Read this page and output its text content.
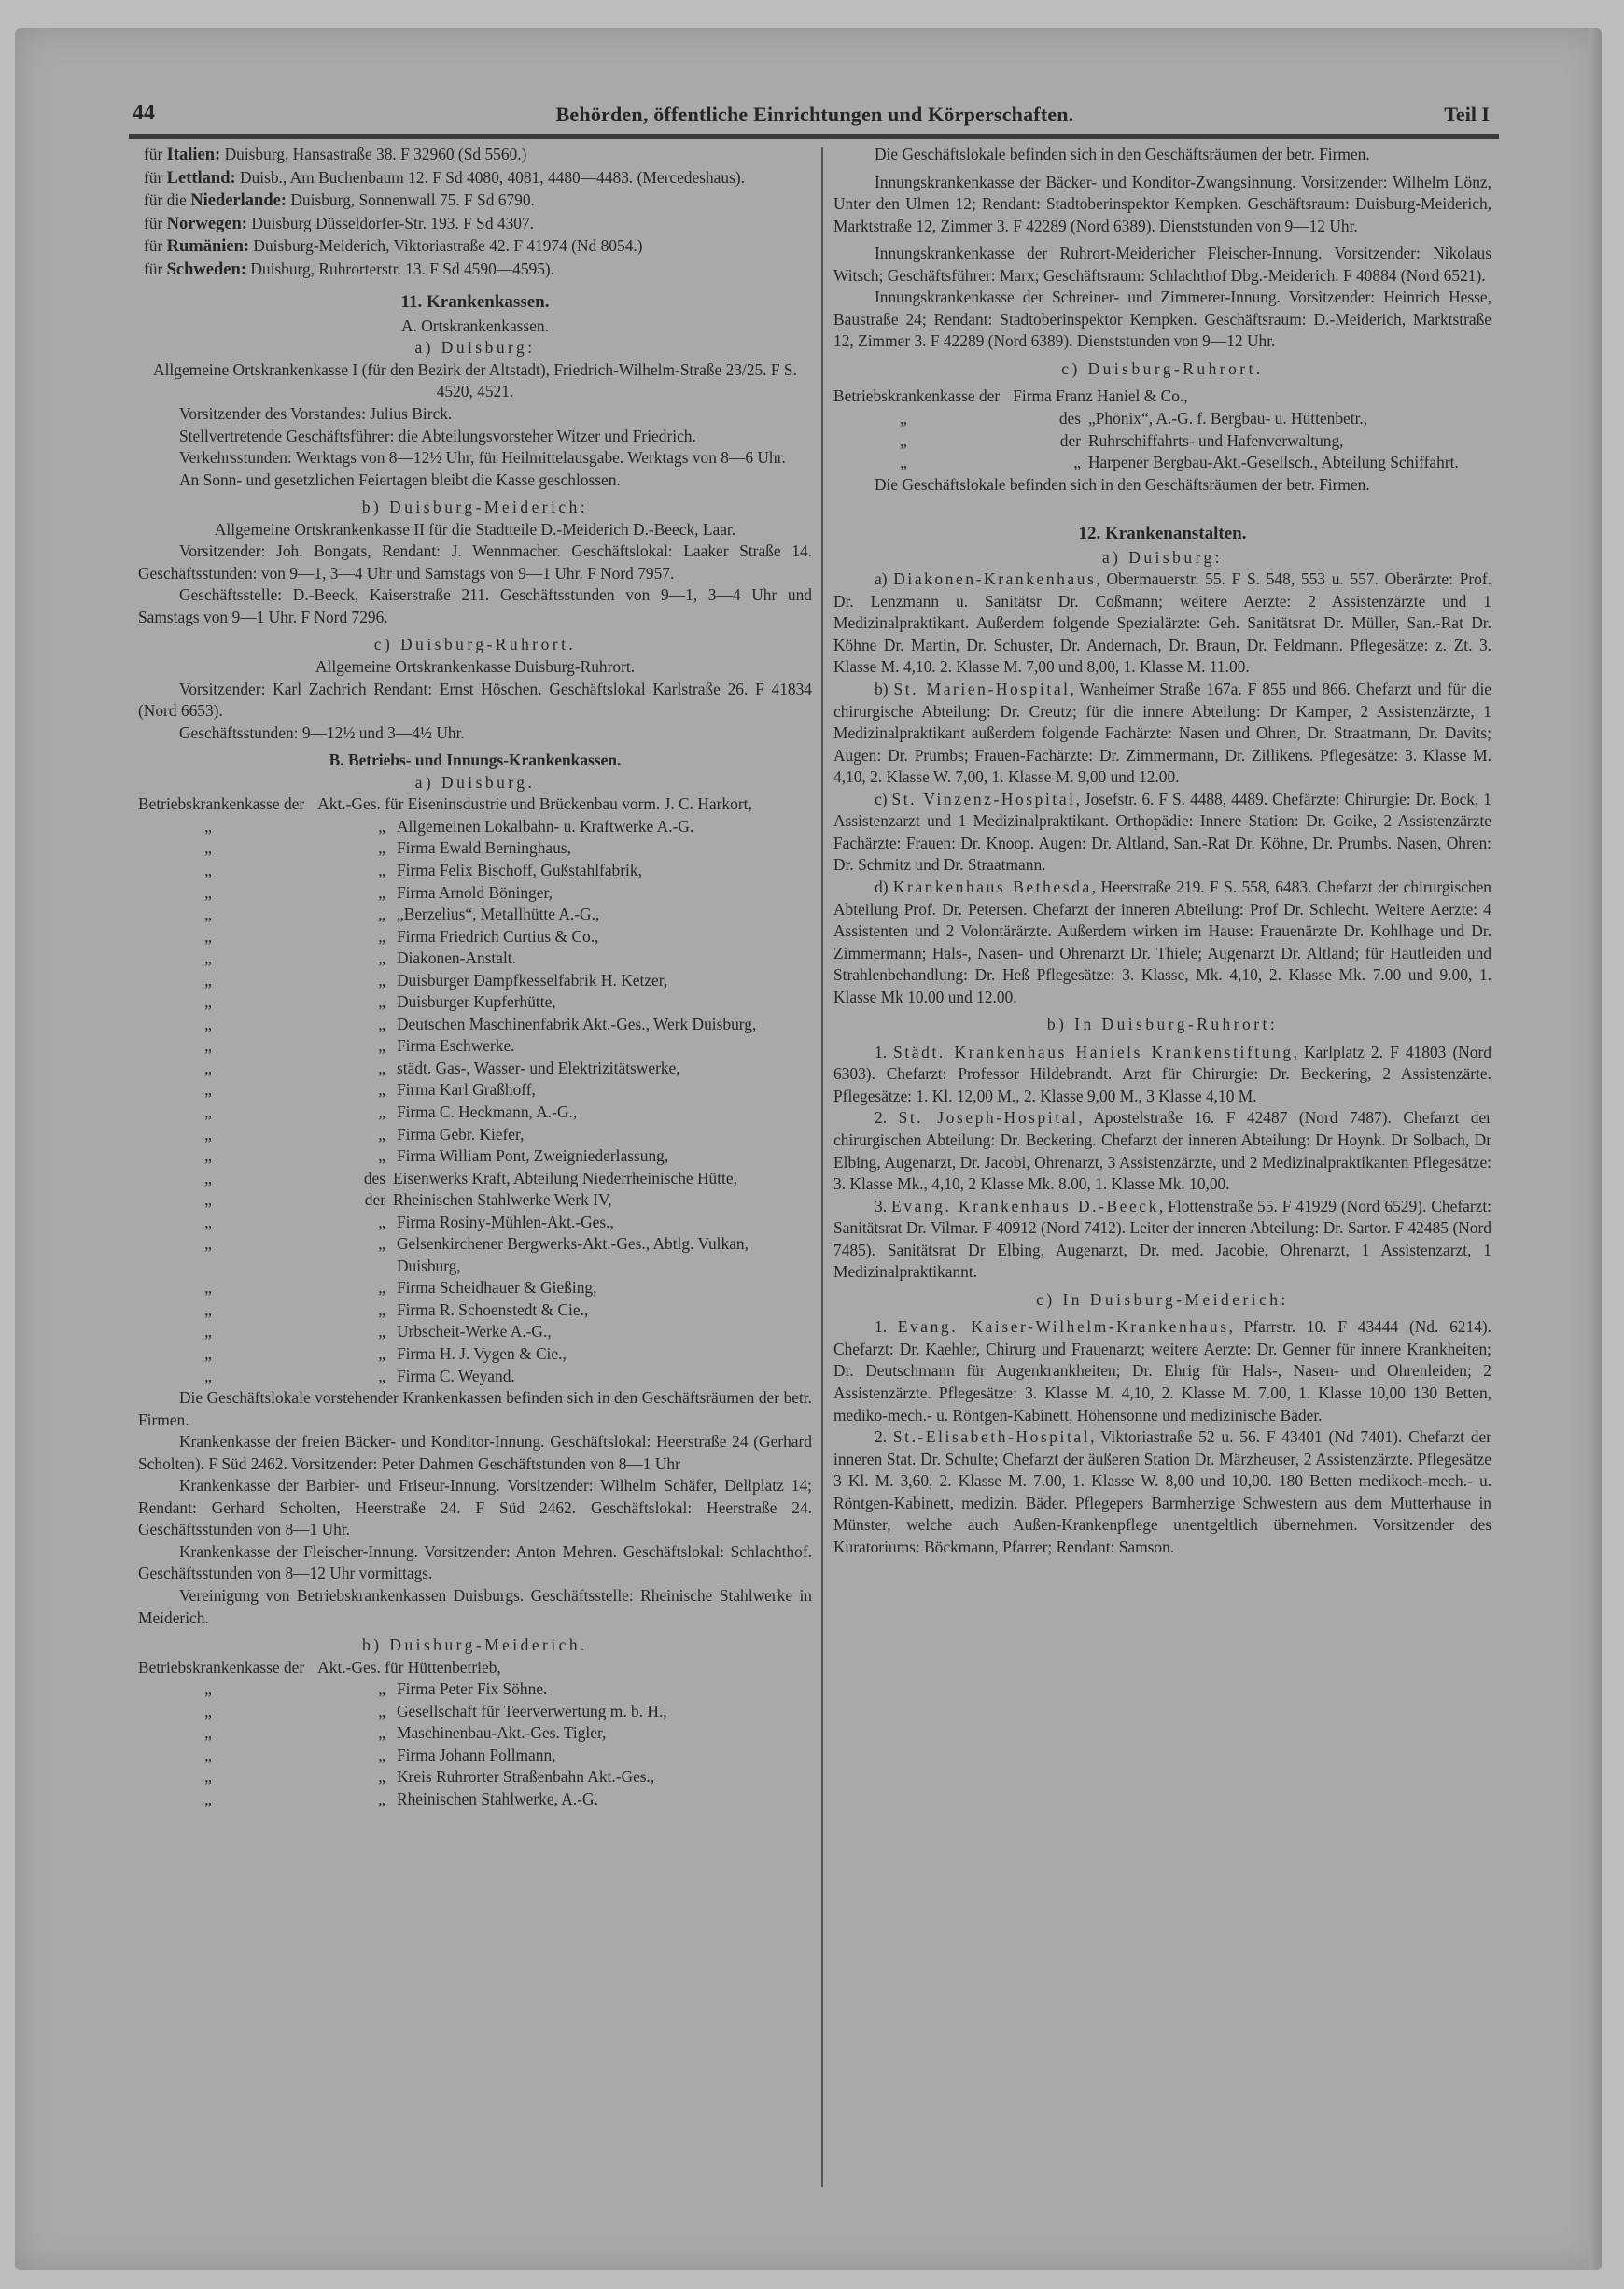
44	Behörden, öffentliche Einrichtungen und Körperschaften.	Teil I

für Italien: Duisburg, Hansastraße 38. F 32960 (Sd 5560.)

für Lettland: Duisb., Am Buchenbaum 12. F Sd 4080, 4081, 4480—4483. (Mercedeshaus).

für die Niederlande: Duisburg, Sonnenwall 75. F Sd 6790.

für Norwegen: Duisburg Düsseldorfer-Str. 193. F Sd 4307.

für Rumänien: Duisburg-Meiderich, Viktoriastraße 42. F 41974 (Nd 8054.)

für Schweden: Duisburg, Ruhrorterstr. 13. F Sd 4590—4595).

11. Krankenkassen.
A. Ortskrankenkassen.
a) Duisburg:

Allgemeine Ortskrankenkasse I (für den Bezirk der Altstadt), Friedrich-Wilhelm-Straße 23/25. F S. 4520, 4521.

Vorsitzender des Vorstandes: Julius Birck.

Stellvertretende Geschäftsführer: die Abteilungsvorsteher Witzer und Friedrich.

Verkehrsstunden: Werktags von 8—12½ Uhr, für Heilmittelausgabe. Werktags von 8—6 Uhr.

An Sonn- und gesetzlichen Feiertagen bleibt die Kasse geschlossen.

b) Duisburg-Meiderich:

Allgemeine Ortskrankenkasse II für die Stadtteile D.-Meiderich D.-Beeck, Laar.

Vorsitzender: Joh. Bongats, Rendant: J. Wennmacher. Geschäftslokal: Laaker Straße 14. Geschäftsstunden: von 9—1, 3—4 Uhr und Samstags von 9—1 Uhr. F Nord 7957.

Geschäftsstelle: D.-Beeck, Kaiserstraße 211. Geschäftsstunden von 9—1, 3—4 Uhr und Samstags von 9—1 Uhr. F Nord 7296.

c) Duisburg-Ruhrort.

Allgemeine Ortskrankenkasse Duisburg-Ruhrort.

Vorsitzender: Karl Zachrich Rendant: Ernst Höschen. Geschäftslokal Karlstraße 26. F 41834 (Nord 6653).

Geschäftsstunden: 9—12½ und 3—4½ Uhr.

B. Betriebs- und Innungs-Krankenkassen.
a) Duisburg.
Betriebskrankenkasse der Akt.-Ges. für Eiseninsdustrie und Brückenbau vorm. J. C. Harkort,
„	„ Allgemeinen Lokalbahn- u. Kraftwerke A.-G.
„	„ Firma Ewald Berninghaus,
„	„ Firma Felix Bischoff, Gußstahlfabrik,
„	„ Firma Arnold Böninger,
„	„ „Berzelius“, Metallhütte A.-G.,
„	„ Firma Friedrich Curtius & Co.,
„	„ Diakonen-Anstalt.
„	„ Duisburger Dampfkesselfabrik H. Ketzer,
„	„ Duisburger Kupferhütte,
„	„ Deutschen Maschinenfabrik Akt.-Ges., Werk Duisburg,
„	„ Firma Eschwerke.
„	„ städt. Gas-, Wasser- und Elektrizitätswerke,
„	„ Firma Karl Graßhoff,
„	„ Firma C. Heckmann, A.-G.,
„	„ Firma Gebr. Kiefer,
„	„ Firma William Pont, Zweigniederlassung,
„	des Eisenwerks Kraft, Abteilung Niederrheinische Hütte,
„	der Rheinischen Stahlwerke Werk IV,
„	„ Firma Rosiny-Mühlen-Akt.-Ges.,
„	„ Gelsenkirchener Bergwerks-Akt.-Ges., Abtlg. Vulkan, Duisburg,
„	„ Firma Scheidhauer & Gießing,
„	„ Firma R. Schoenstedt & Cie.,
„	„ Urbscheit-Werke A.-G.,
„	„ Firma H. J. Vygen & Cie.,
„	„ Firma C. Weyand.

Die Geschäftslokale vorstehender Krankenkassen befinden sich in den Geschäftsräumen der betr. Firmen.

Krankenkasse der freien Bäcker- und Konditor-Innung. Geschäftslokal: Heerstraße 24 (Gerhard Scholten). F Süd 2462. Vorsitzender: Peter Dahmen Geschäftstunden von 8—1 Uhr

Krankenkasse der Barbier- und Friseur-Innung. Vorsitzender: Wilhelm Schäfer, Dellplatz 14; Rendant: Gerhard Scholten, Heerstraße 24. F Süd 2462. Geschäftslokal: Heerstraße 24. Geschäftsstunden von 8—1 Uhr.

Krankenkasse der Fleischer-Innung. Vorsitzender: Anton Mehren. Geschäftslokal: Schlachthof. Geschäftsstunden von 8—12 Uhr vormittags.

Vereinigung von Betriebskrankenkassen Duisburgs. Geschäftsstelle: Rheinische Stahlwerke in Meiderich.

b) Duisburg-Meiderich.
Betriebskrankenkasse der Akt.-Ges. für Hüttenbetrieb,
„	„ Firma Peter Fix Söhne.
„	„ Gesellschaft für Teerverwertung m. b. H.,
„	„ Maschinenbau-Akt.-Ges. Tigler,
„	„ Firma Johann Pollmann,
„	„ Kreis Ruhrorter Straßenbahn Akt.-Ges.,
„	„ Rheinischen Stahlwerke, A.-G.

Die Geschäftslokale befinden sich in den Geschäftsräumen der betr. Firmen.

Innungskrankenkasse der Bäcker- und Konditor-Zwangsinnung. Vorsitzender: Wilhelm Lönz, Unter den Ulmen 12; Rendant: Stadtoberinspektor Kempken. Geschäftsraum: Duisburg-Meiderich, Marktstraße 12, Zimmer 3. F 42289 (Nord 6389). Dienststunden von 9—12 Uhr.

Innungskrankenkasse der Ruhrort-Meidericher Fleischer-Innung. Vorsitzender: Nikolaus Witsch; Geschäftsführer: Marx; Geschäftsraum: Schlachthof Dbg.-Meiderich. F 40884 (Nord 6521).

Innungskrankenkasse der Schreiner- und Zimmerer-Innung. Vorsitzender: Heinrich Hesse, Baustraße 24; Rendant: Stadtoberinspektor Kempken. Geschäftsraum: D.-Meiderich, Marktstraße 12, Zimmer 3. F 42289 (Nord 6389). Dienststunden von 9—12 Uhr.

c) Duisburg-Ruhrort.
Betriebskrankenkasse der Firma Franz Haniel & Co.,
„	des „Phönix“, A.-G. f. Bergbau- u. Hüttenbetr.,
„	der Ruhrschiffahrts- und Hafenverwaltung,
„	„ Harpener Bergbau-Akt.-Gesellsch., Abteilung Schiffahrt.

Die Geschäftslokale befinden sich in den Geschäftsräumen der betr. Firmen.

12. Krankenanstalten.
a) Duisburg:

a) Diakonen-Krankenhaus, Obermauerstr. 55. F S. 548, 553 u. 557. Oberärzte: Prof. Dr. Lenzmann u. Sanitätsr Dr. Coßmann; weitere Aerzte: 2 Assistenzärzte und 1 Medizinalpraktikant. Außerdem folgende Spezialärzte: Geh. Sanitätsrat Dr. Müller, San.-Rat Dr. Köhne Dr. Martin, Dr. Schuster, Dr. Andernach, Dr. Braun, Dr. Feldmann. Pflegesätze: z. Zt. 3. Klasse M. 4,10. 2. Klasse M. 7,00 und 8,00, 1. Klasse M. 11.00.

b) St. Marien-Hospital, Wanheimer Straße 167a. F 855 und 866. Chefarzt und für die chirurgische Abteilung: Dr. Creutz; für die innere Abteilung: Dr Kamper, 2 Assistenzärzte, 1 Medizinalpraktikant außerdem folgende Fachärzte: Nasen und Ohren, Dr. Straatmann, Dr. Davits; Augen: Dr. Prumbs; Frauen-Fachärzte: Dr. Zimmermann, Dr. Zillikens. Pflegesätze: 3. Klasse M. 4,10, 2. Klasse W. 7,00, 1. Klasse M. 9,00 und 12.00.

c) St. Vinzenz-Hospital, Josefstr. 6. F S. 4488, 4489. Chefärzte: Chirurgie: Dr. Bock, 1 Assistenzarzt und 1 Medizinalpraktikant. Orthopädie: Innere Station: Dr. Goike, 2 Assistenzärzte Fachärzte: Frauen: Dr. Knoop. Augen: Dr. Altland, San.-Rat Dr. Köhne, Dr. Prumbs. Nasen, Ohren: Dr. Schmitz und Dr. Straatmann.

d) Krankenhaus Bethesda, Heerstraße 219. F S. 558, 6483. Chefarzt der chirurgischen Abteilung Prof. Dr. Petersen. Chefarzt der inneren Abteilung: Prof Dr. Schlecht. Weitere Aerzte: 4 Assistenten und 2 Volontärärzte. Außerdem wirken im Hause: Frauenärzte Dr. Kohlhage und Dr. Zimmermann; Hals-, Nasen- und Ohrenarzt Dr. Thiele; Augenarzt Dr. Altland; für Hautleiden und Strahlenbehandlung: Dr. Heß Pflegesätze: 3. Klasse, Mk. 4,10, 2. Klasse Mk. 7.00 und 9.00, 1. Klasse Mk 10.00 und 12.00.

b) In Duisburg-Ruhrort:

1. Städt. Krankenhaus Haniels Krankenstiftung, Karlplatz 2. F 41803 (Nord 6303). Chefarzt: Professor Hildebrandt. Arzt für Chirurgie: Dr. Beckering, 2 Assistenzärte. Pflegesätze: 1. Kl. 12,00 M., 2. Klasse 9,00 M., 3 Klasse 4,10 M.

2. St. Joseph-Hospital, Apostelstraße 16. F 42487 (Nord 7487). Chefarzt der chirurgischen Abteilung: Dr. Beckering. Chefarzt der inneren Abteilung: Dr Hoynk. Dr Solbach, Dr Elbing, Augenarzt, Dr. Jacobi, Ohrenarzt, 3 Assistenzärzte, und 2 Medizinalpraktikanten Pflegesätze: 3. Klasse Mk., 4,10, 2 Klasse Mk. 8.00, 1. Klasse Mk. 10,00.

3. Evang. Krankenhaus D.-Beeck, Flottenstraße 55. F 41929 (Nord 6529). Chefarzt: Sanitätsrat Dr. Vilmar. F 40912 (Nord 7412). Leiter der inneren Abteilung: Dr. Sartor. F 42485 (Nord 7485). Sanitätsrat Dr Elbing, Augenarzt, Dr. med. Jacobie, Ohrenarzt, 1 Assistenzarzt, 1 Medizinalpraktikannt.

c) In Duisburg-Meiderich:

1. Evang. Kaiser-Wilhelm-Krankenhaus, Pfarrstr. 10. F 43444 (Nd. 6214). Chefarzt: Dr. Kaehler, Chirurg und Frauenarzt; weitere Aerzte: Dr. Genner für innere Krankheiten; Dr. Deutschmann für Augenkrankheiten; Dr. Ehrig für Hals-, Nasen- und Ohrenleiden; 2 Assistenzärzte. Pflegesätze: 3. Klasse M. 4,10, 2. Klasse M. 7.00, 1. Klasse 10,00 130 Betten, mediko-mech.- u. Röntgen-Kabinett, Höhensonne und medizinische Bäder.

2. St.-Elisabeth-Hospital, Viktoriastraße 52 u. 56. F 43401 (Nd 7401). Chefarzt der inneren Stat. Dr. Schulte; Chefarzt der äußeren Station Dr. Märzheuser, 2 Assistenzärzte. Pflegesätze 3 Kl. M. 3,60, 2. Klasse M. 7.00, 1. Klasse W. 8,00 und 10,00. 180 Betten medikoch-mech.- u. Röntgen-Kabinett, medizin. Bäder. Pflegepers Barmherzige Schwestern aus dem Mutterhause in Münster, welche auch Außen-Krankenpflege unentgeltlich übernehmen. Vorsitzender des Kuratoriums: Böckmann, Pfarrer; Rendant: Samson.
